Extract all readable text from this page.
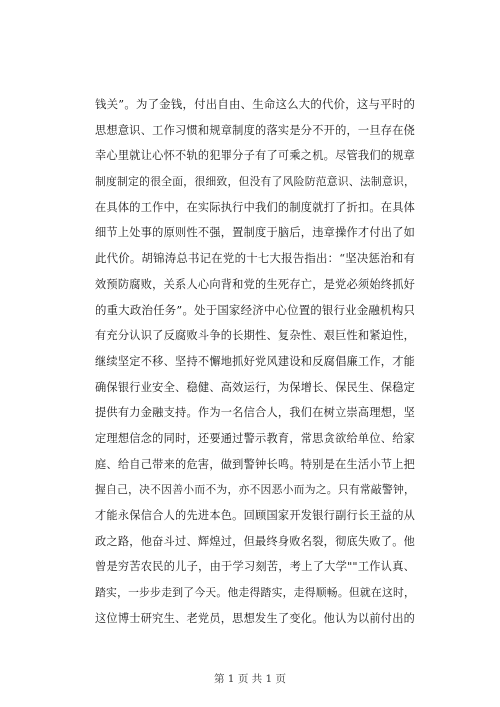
钱关”。为了金钱，付出自由、生命这么大的代价，这与平时的
思想意识、工作习惯和规章制度的落实是分不开的，一旦存在侥
幸心里就让心怀不轨的犯罪分子有了可乘之机。尽管我们的规章
制度制定的很全面，很细致，但没有了风险防范意识、法制意识，
在具体的工作中，在实际执行中我们的制度就打了折扣。在具体
细节上处事的原则性不强，置制度于脑后，违章操作才付出了如
此代价。胡锦涛总书记在党的十七大报告指出：“坚决惩治和有
效预防腐败，关系人心向背和党的生死存亡，是党必须始终抓好
的重大政治任务”。处于国家经济中心位置的银行业金融机构只
有充分认识了反腐败斗争的长期性、复杂性、艰巨性和紧迫性，
继续坚定不移、坚持不懈地抓好党风建设和反腐倡廉工作，才能
确保银行业安全、稳健、高效运行，为保增长、保民生、保稳定
提供有力金融支持。作为一名信合人，我们在树立崇高理想，坚
定理想信念的同时，还要通过警示教育，常思贪欲给单位、给家
庭、给自己带来的危害，做到警钟长鸣。特别是在生活小节上把
握自己，决不因善小而不为，亦不因恶小而为之。只有常敲警钟，
才能永保信合人的先进本色。回顾国家开发银行副行长王益的从
政之路，他奋斗过、辉煌过，但最终身败名裂，彻底失败了。他
曾是穷苦农民的儿子，由于学习刻苦，考上了大学""工作认真、
踏实，一步步走到了今天。他走得踏实，走得顺畅。但就在这时，
这位博士研究生、老党员，思想发生了变化。他认为以前付出的
第 1 页 共 1 页
